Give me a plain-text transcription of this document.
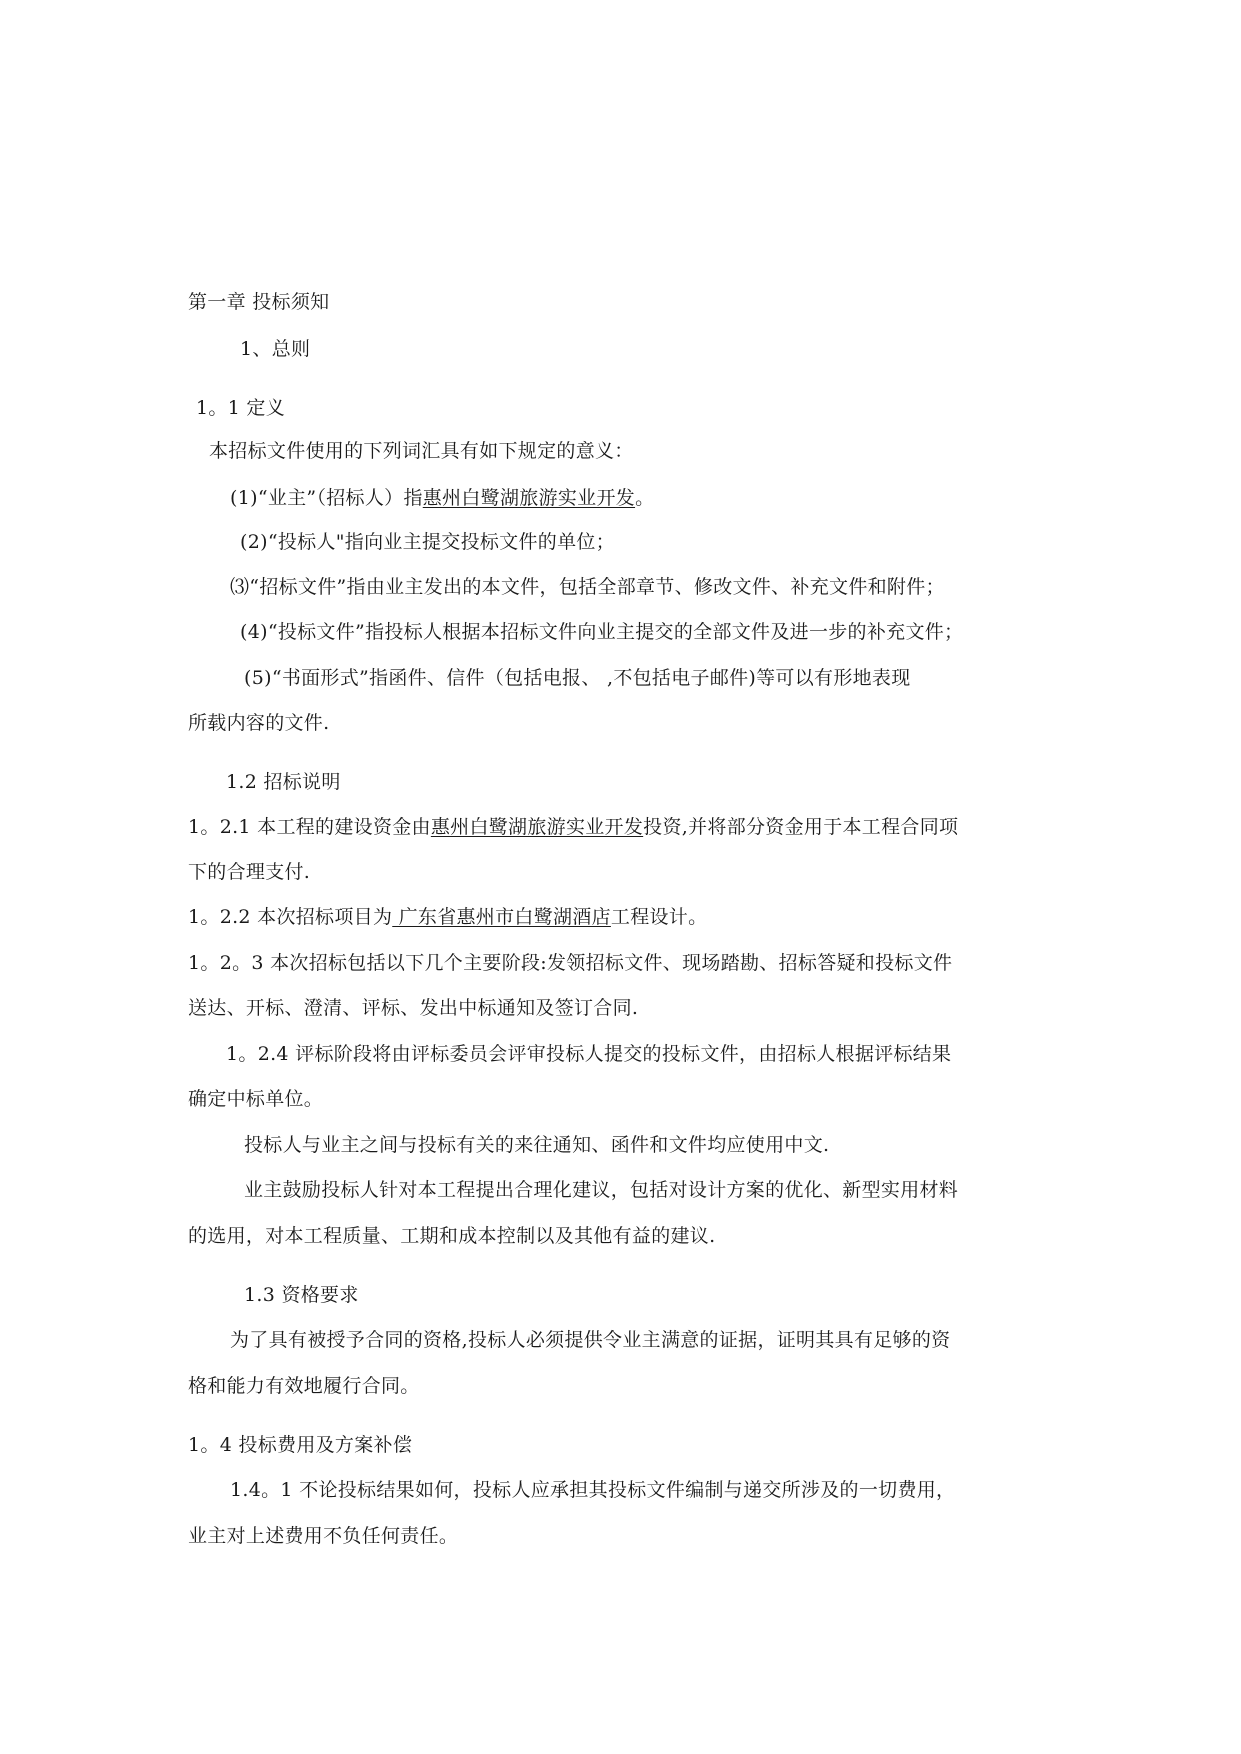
第一章 投标须知
1、总则
1。1 定义
本招标文件使用的下列词汇具有如下规定的意义：
(1)“业主”（招标人）指惠州白鹭湖旅游实业开发。
(2)“投标人"指向业主提交投标文件的单位；
⑶“招标文件”指由业主发出的本文件，包括全部章节、修改文件、补充文件和附件；
(4)“投标文件”指投标人根据本招标文件向业主提交的全部文件及进一步的补充文件；
(5)“书面形式”指函件、信件（包括电报、 ,不包括电子邮件)等可以有形地表现
所载内容的文件.
1.2 招标说明
1。2.1 本工程的建设资金由惠州白鹭湖旅游实业开发投资,并将部分资金用于本工程合同项
下的合理支付.
1。2.2 本次招标项目为 广东省惠州市白鹭湖酒店工程设计。
1。2。3 本次招标包括以下几个主要阶段:发领招标文件、现场踏勘、招标答疑和投标文件
送达、开标、澄清、评标、发出中标通知及签订合同.
1。2.4 评标阶段将由评标委员会评审投标人提交的投标文件，由招标人根据评标结果
确定中标单位。
投标人与业主之间与投标有关的来往通知、函件和文件均应使用中文.
业主鼓励投标人针对本工程提出合理化建议，包括对设计方案的优化、新型实用材料
的选用，对本工程质量、工期和成本控制以及其他有益的建议.
1.3 资格要求
为了具有被授予合同的资格,投标人必须提供令业主满意的证据，证明其具有足够的资
格和能力有效地履行合同。
1。4 投标费用及方案补偿
1.4。1 不论投标结果如何，投标人应承担其投标文件编制与递交所涉及的一切费用，
业主对上述费用不负任何责任。
